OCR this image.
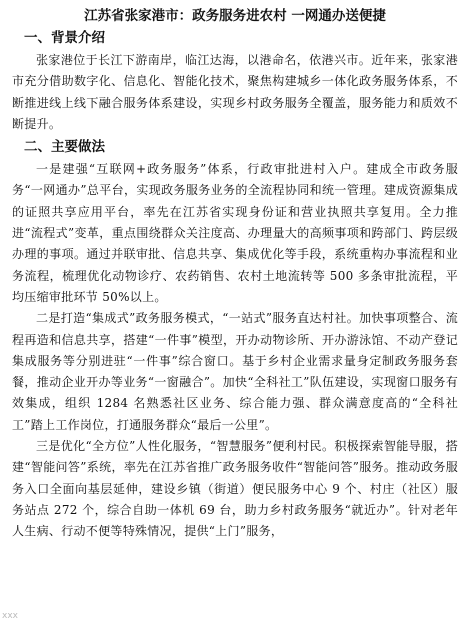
江苏省张家港市：政务服务进农村 一网通办送便捷
一、背景介绍

张家港位于长江下游南岸，临江达海，以港命名，依港兴市。近年来，张家港市充分借助数字化、信息化、智能化技术，聚焦构建城乡一体化政务服务体系，不断推进线上线下融合服务体系建设，实现乡村政务服务全覆盖，服务能力和质效不断提升。

二、主要做法

一是建强“互联网+政务服务”体系，行政审批进村入户。建成全市政务服务“一网通办”总平台，实现政务服务业务的全流程协同和统一管理。建成资源集成的证照共享应用平台，率先在江苏省实现身份证和营业执照共享复用。全力推进“流程式”变革，重点围绕群众关注度高、办理量大的高频事项和跨部门、跨层级办理的事项。通过并联审批、信息共享、集成优化等手段，系统重构办事流程和业务流程，梳理优化动物诊疗、农药销售、农村土地流转等 500 多条审批流程，平均压缩审批环节 50%以上。

二是打造“集成式”政务服务模式，“一站式”服务直达村社。加快事项整合、流程再造和信息共享，搭建“一件事”模型，开办动物诊所、开办游泳馆、不动产登记集成服务等分别进驻“一件事”综合窗口。基于乡村企业需求量身定制政务服务套餐，推动企业开办等业务“一窗融合”。加快“全科社工”队伍建设，实现窗口服务有效集成，组织 1284 名熟悉社区业务、综合能力强、群众满意度高的“全科社工”踏上工作岗位，打通服务群众“最后一公里”。

三是优化“全方位”人性化服务，“智慧服务”便利村民。积极探索智能导服，搭建“智能问答”系统，率先在江苏省推广政务服务收件“智能问答”服务。推动政务服务入口全面向基层延伸，建设乡镇（街道）便民服务中心 9 个、村庄（社区）服务站点 272 个，综合自助一体机 69 台，助力乡村政务服务“就近办”。针对老年人生病、行动不便等特殊情况，提供“上门”服务，

xxx
